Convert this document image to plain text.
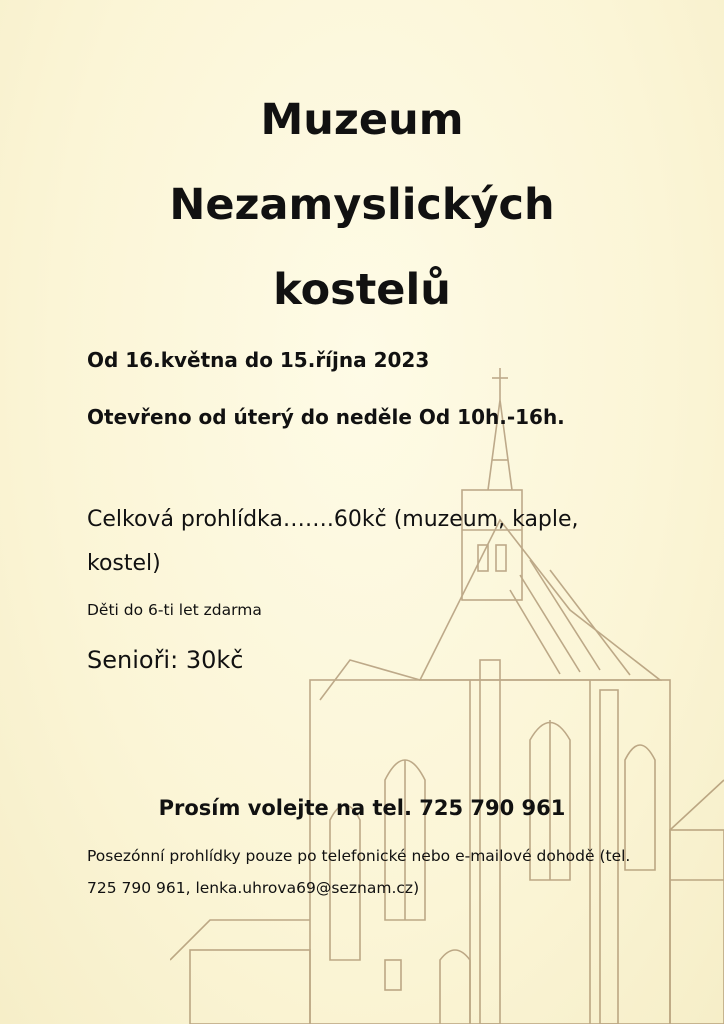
Muzeum
Nezamyslických
kostelů

Od 16.května do 15.října 2023

Otevřeno od úterý do neděle Od 10h.-16h.

Celková prohlídka…….60kč (muzeum, kaple, kostel)

Děti do 6-ti let zdarma

Senioři: 30kč

Prosím volejte na tel. 725 790 961

Posezónní prohlídky pouze po telefonické nebo e-mailové dohodě (tel. 725 790 961, lenka.uhrova69@seznam.cz)
